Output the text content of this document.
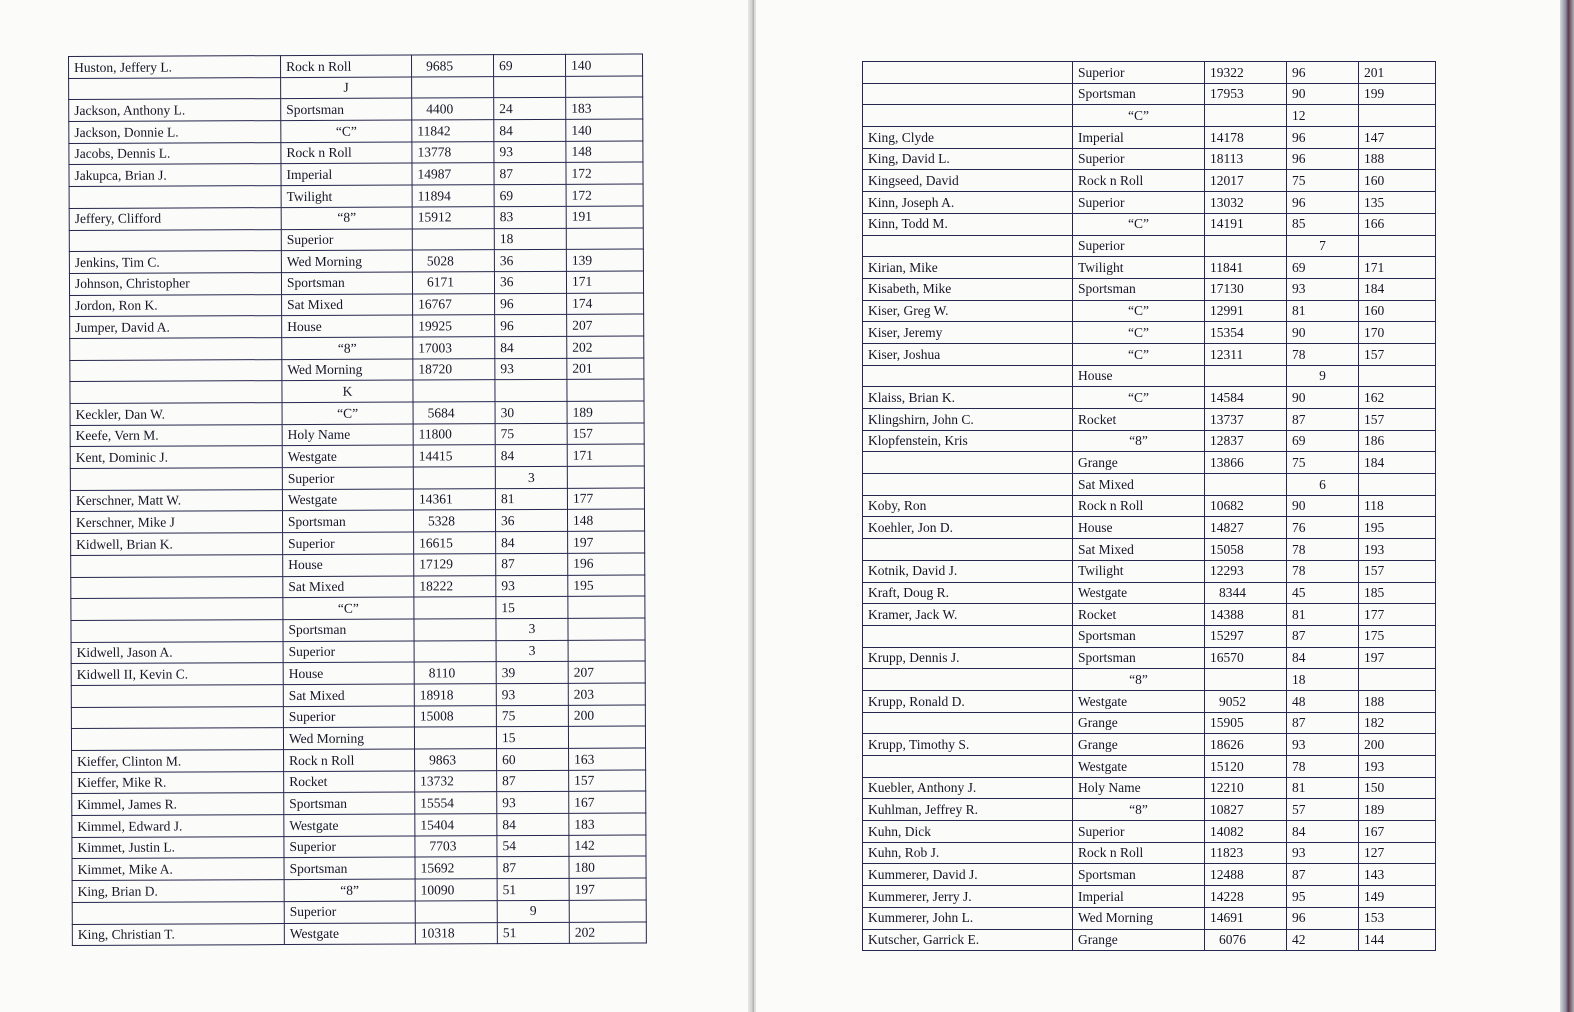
Huston, Jeffery L.	Rock n Roll	9685	69	140
	J			
Jackson, Anthony L.	Sportsman	4400	24	183
Jackson, Donnie L.	“C”	11842	84	140
Jacobs, Dennis L.	Rock n Roll	13778	93	148
Jakupca, Brian J.	Imperial	14987	87	172
	Twilight	11894	69	172
Jeffery, Clifford	“8”	15912	83	191
	Superior		18	
Jenkins, Tim C.	Wed Morning	5028	36	139
Johnson, Christopher	Sportsman	6171	36	171
Jordon, Ron K.	Sat Mixed	16767	96	174
Jumper, David A.	House	19925	96	207
	“8”	17003	84	202
	Wed Morning	18720	93	201
	K			
Keckler, Dan W.	“C”	5684	30	189
Keefe, Vern M.	Holy Name	11800	75	157
Kent, Dominic J.	Westgate	14415	84	171
	Superior		3	
Kerschner, Matt W.	Westgate	14361	81	177
Kerschner, Mike J	Sportsman	5328	36	148
Kidwell, Brian K.	Superior	16615	84	197
	House	17129	87	196
	Sat Mixed	18222	93	195
	“C”		15	
	Sportsman		3	
Kidwell, Jason A.	Superior		3	
Kidwell II, Kevin C.	House	8110	39	207
	Sat Mixed	18918	93	203
	Superior	15008	75	200
	Wed Morning		15	
Kieffer, Clinton M.	Rock n Roll	9863	60	163
Kieffer, Mike R.	Rocket	13732	87	157
Kimmel, James R.	Sportsman	15554	93	167
Kimmel, Edward J.	Westgate	15404	84	183
Kimmet, Justin L.	Superior	7703	54	142
Kimmet, Mike A.	Sportsman	15692	87	180
King, Brian D.	“8”	10090	51	197
	Superior		9	
King, Christian T.	Westgate	10318	51	202
	Superior	19322	96	201
	Sportsman	17953	90	199
	“C”		12	
King, Clyde	Imperial	14178	96	147
King, David L.	Superior	18113	96	188
Kingseed, David	Rock n Roll	12017	75	160
Kinn, Joseph A.	Superior	13032	96	135
Kinn, Todd M.	“C”	14191	85	166
	Superior		7	
Kirian, Mike	Twilight	11841	69	171
Kisabeth, Mike	Sportsman	17130	93	184
Kiser, Greg W.	“C”	12991	81	160
Kiser, Jeremy	“C”	15354	90	170
Kiser, Joshua	“C”	12311	78	157
	House		9	
Klaiss, Brian K.	“C”	14584	90	162
Klingshirn, John C.	Rocket	13737	87	157
Klopfenstein, Kris	“8”	12837	69	186
	Grange	13866	75	184
	Sat Mixed		6	
Koby, Ron	Rock n Roll	10682	90	118
Koehler, Jon D.	House	14827	76	195
	Sat Mixed	15058	78	193
Kotnik, David J.	Twilight	12293	78	157
Kraft, Doug R.	Westgate	8344	45	185
Kramer, Jack W.	Rocket	14388	81	177
	Sportsman	15297	87	175
Krupp, Dennis J.	Sportsman	16570	84	197
	“8”		18	
Krupp, Ronald D.	Westgate	9052	48	188
	Grange	15905	87	182
Krupp, Timothy S.	Grange	18626	93	200
	Westgate	15120	78	193
Kuebler, Anthony J.	Holy Name	12210	81	150
Kuhlman, Jeffrey R.	“8”	10827	57	189
Kuhn, Dick	Superior	14082	84	167
Kuhn, Rob J.	Rock n Roll	11823	93	127
Kummerer, David J.	Sportsman	12488	87	143
Kummerer, Jerry J.	Imperial	14228	95	149
Kummerer, John L.	Wed Morning	14691	96	153
Kutscher, Garrick E.	Grange	6076	42	144
